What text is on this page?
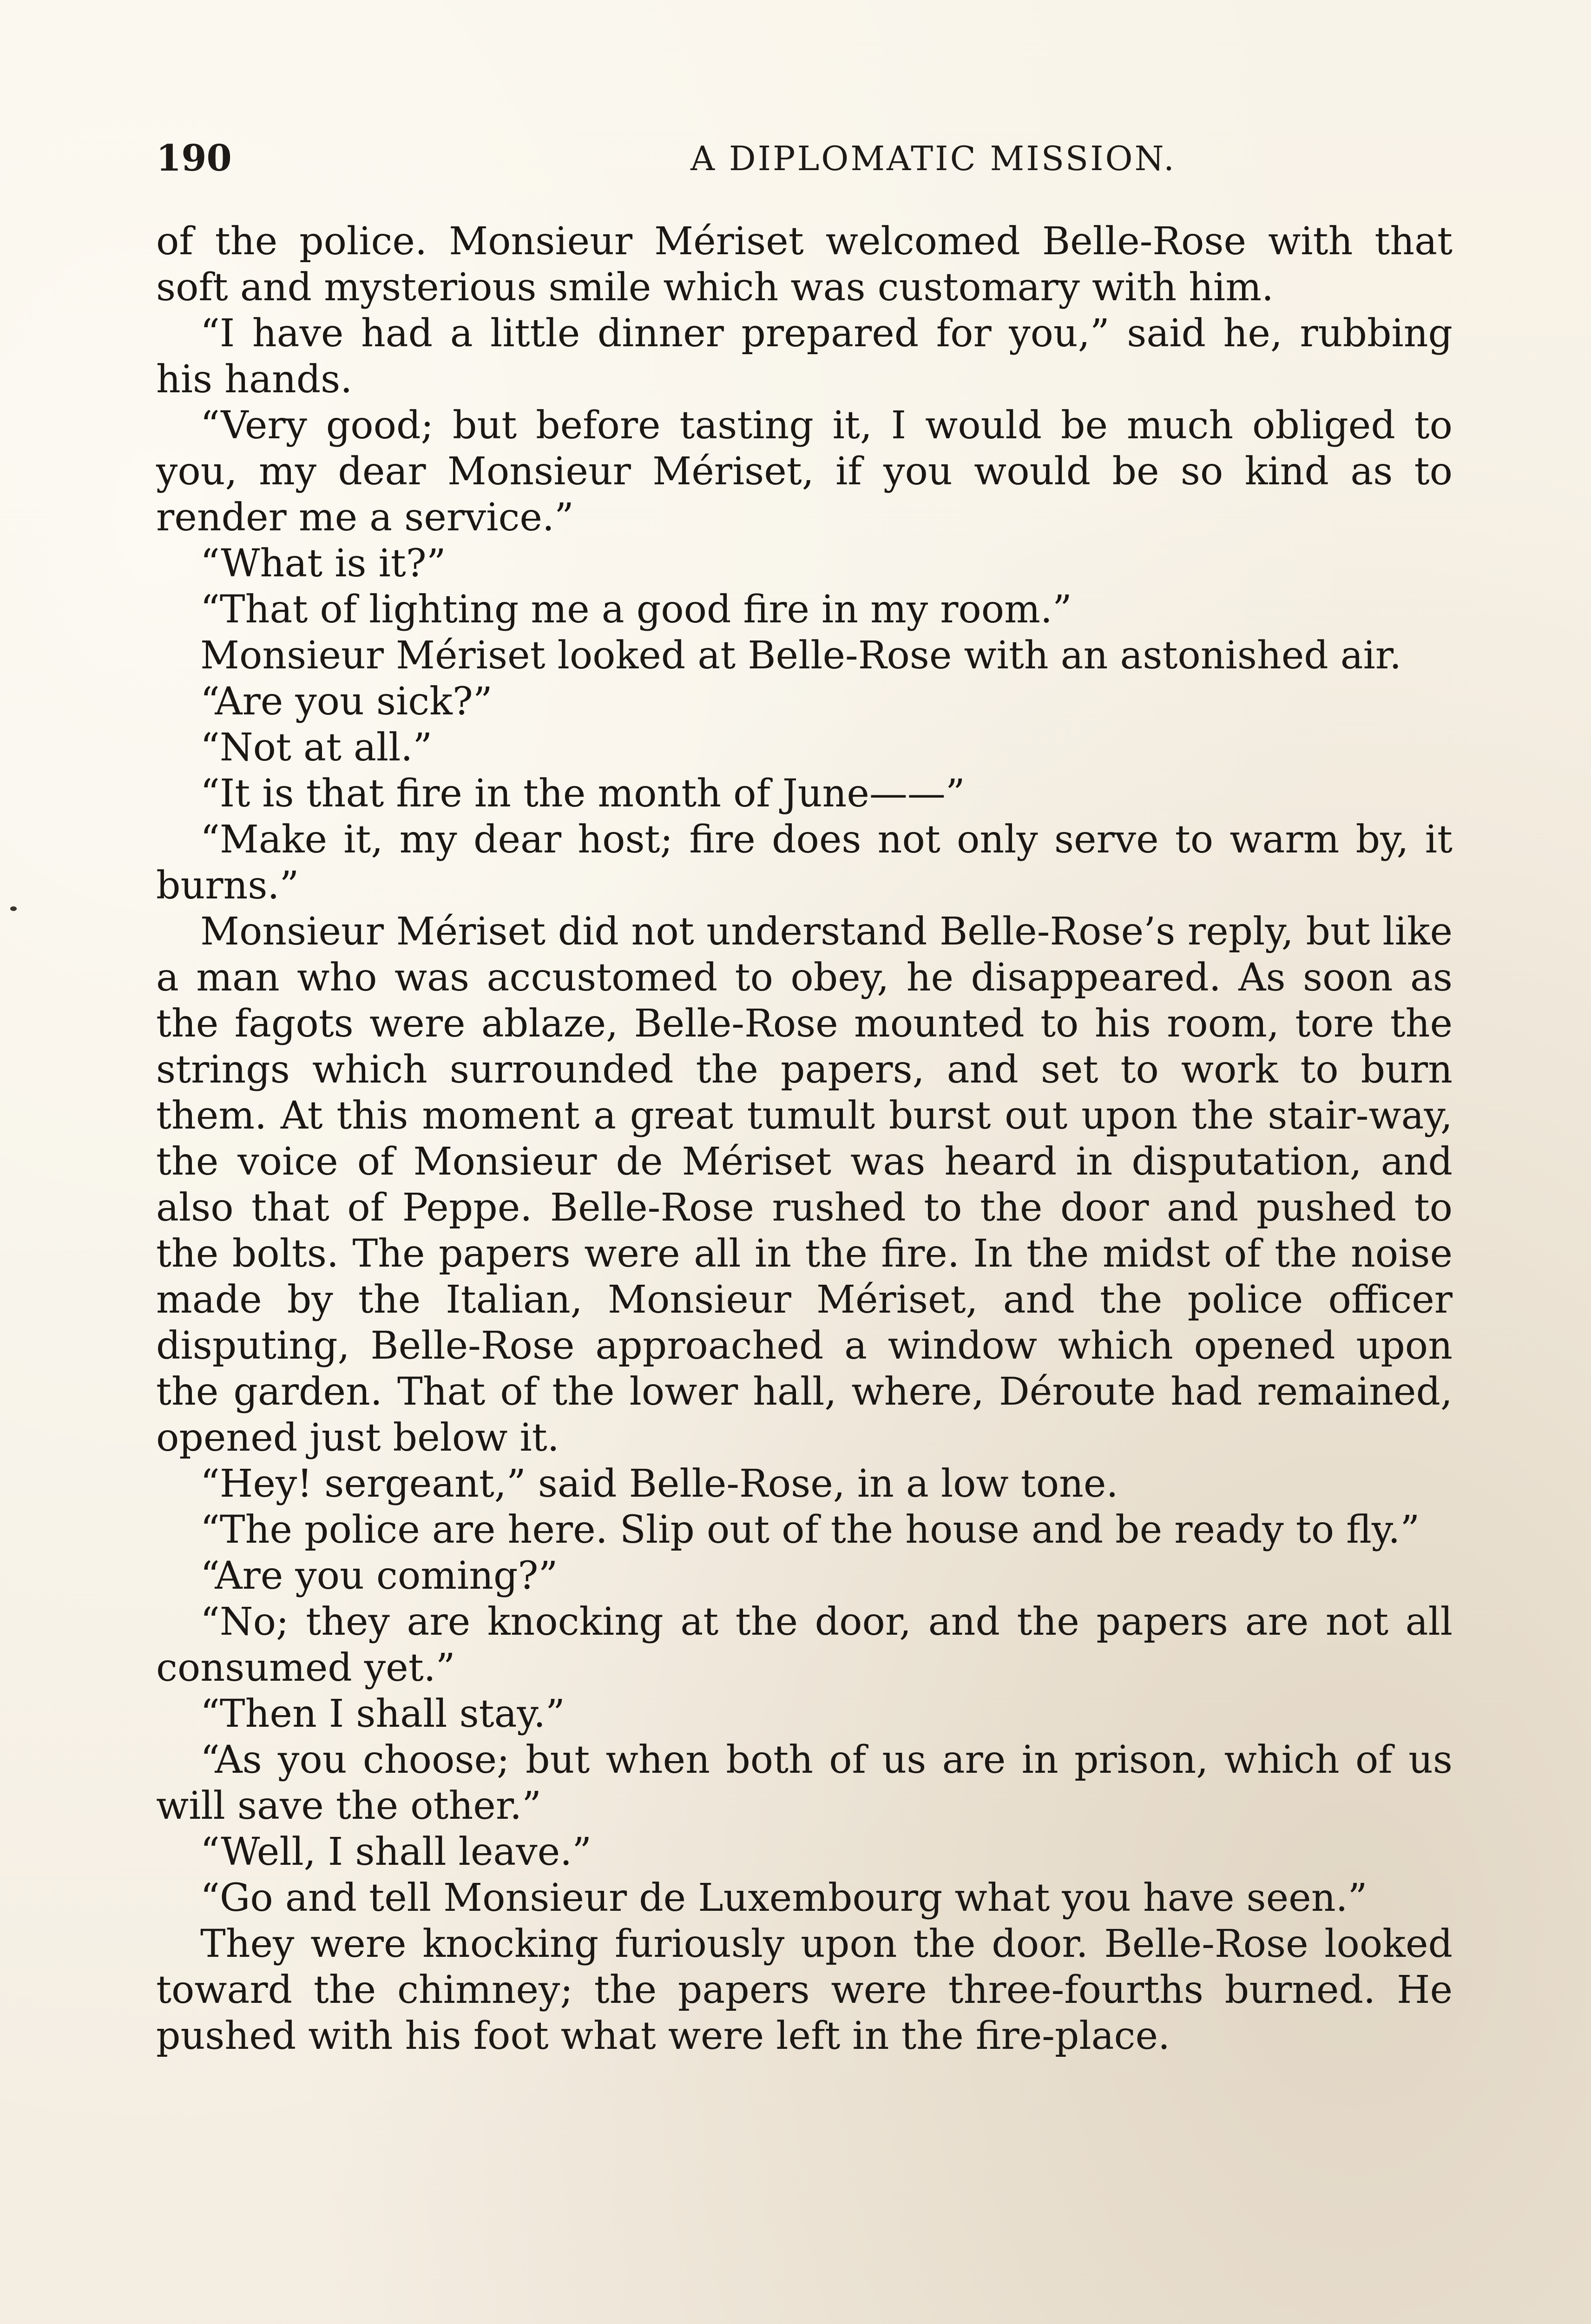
190	A DIPLOMATIC MISSION.

of the police. Monsieur Mériset welcomed Belle-Rose with that soft and mysterious smile which was customary with him.

“I have had a little dinner prepared for you,” said he, rubbing his hands.

“Very good; but before tasting it, I would be much obliged to you, my dear Monsieur Mériset, if you would be so kind as to render me a service.”

“What is it?”

“That of lighting me a good fire in my room.”

Monsieur Mériset looked at Belle-Rose with an astonished air.

“Are you sick?”

“Not at all.”

“It is that fire in the month of June——”

“Make it, my dear host; fire does not only serve to warm by, it burns.”

Monsieur Mériset did not understand Belle-Rose’s reply, but like a man who was accustomed to obey, he disappeared. As soon as the fagots were ablaze, Belle-Rose mounted to his room, tore the strings which surrounded the papers, and set to work to burn them. At this moment a great tumult burst out upon the stair-way, the voice of Monsieur de Mériset was heard in disputation, and also that of Peppe. Belle-Rose rushed to the door and pushed to the bolts. The papers were all in the fire. In the midst of the noise made by the Italian, Monsieur Mériset, and the police officer disputing, Belle-Rose approached a window which opened upon the garden. That of the lower hall, where, Déroute had remained, opened just below it.

“Hey! sergeant,” said Belle-Rose, in a low tone.

“The police are here. Slip out of the house and be ready to fly.”

“Are you coming?”

“No; they are knocking at the door, and the papers are not all consumed yet.”

“Then I shall stay.”

“As you choose; but when both of us are in prison, which of us will save the other.”

“Well, I shall leave.”

“Go and tell Monsieur de Luxembourg what you have seen.”

They were knocking furiously upon the door. Belle-Rose looked toward the chimney; the papers were three-fourths burned. He pushed with his foot what were left in the fire-place.
